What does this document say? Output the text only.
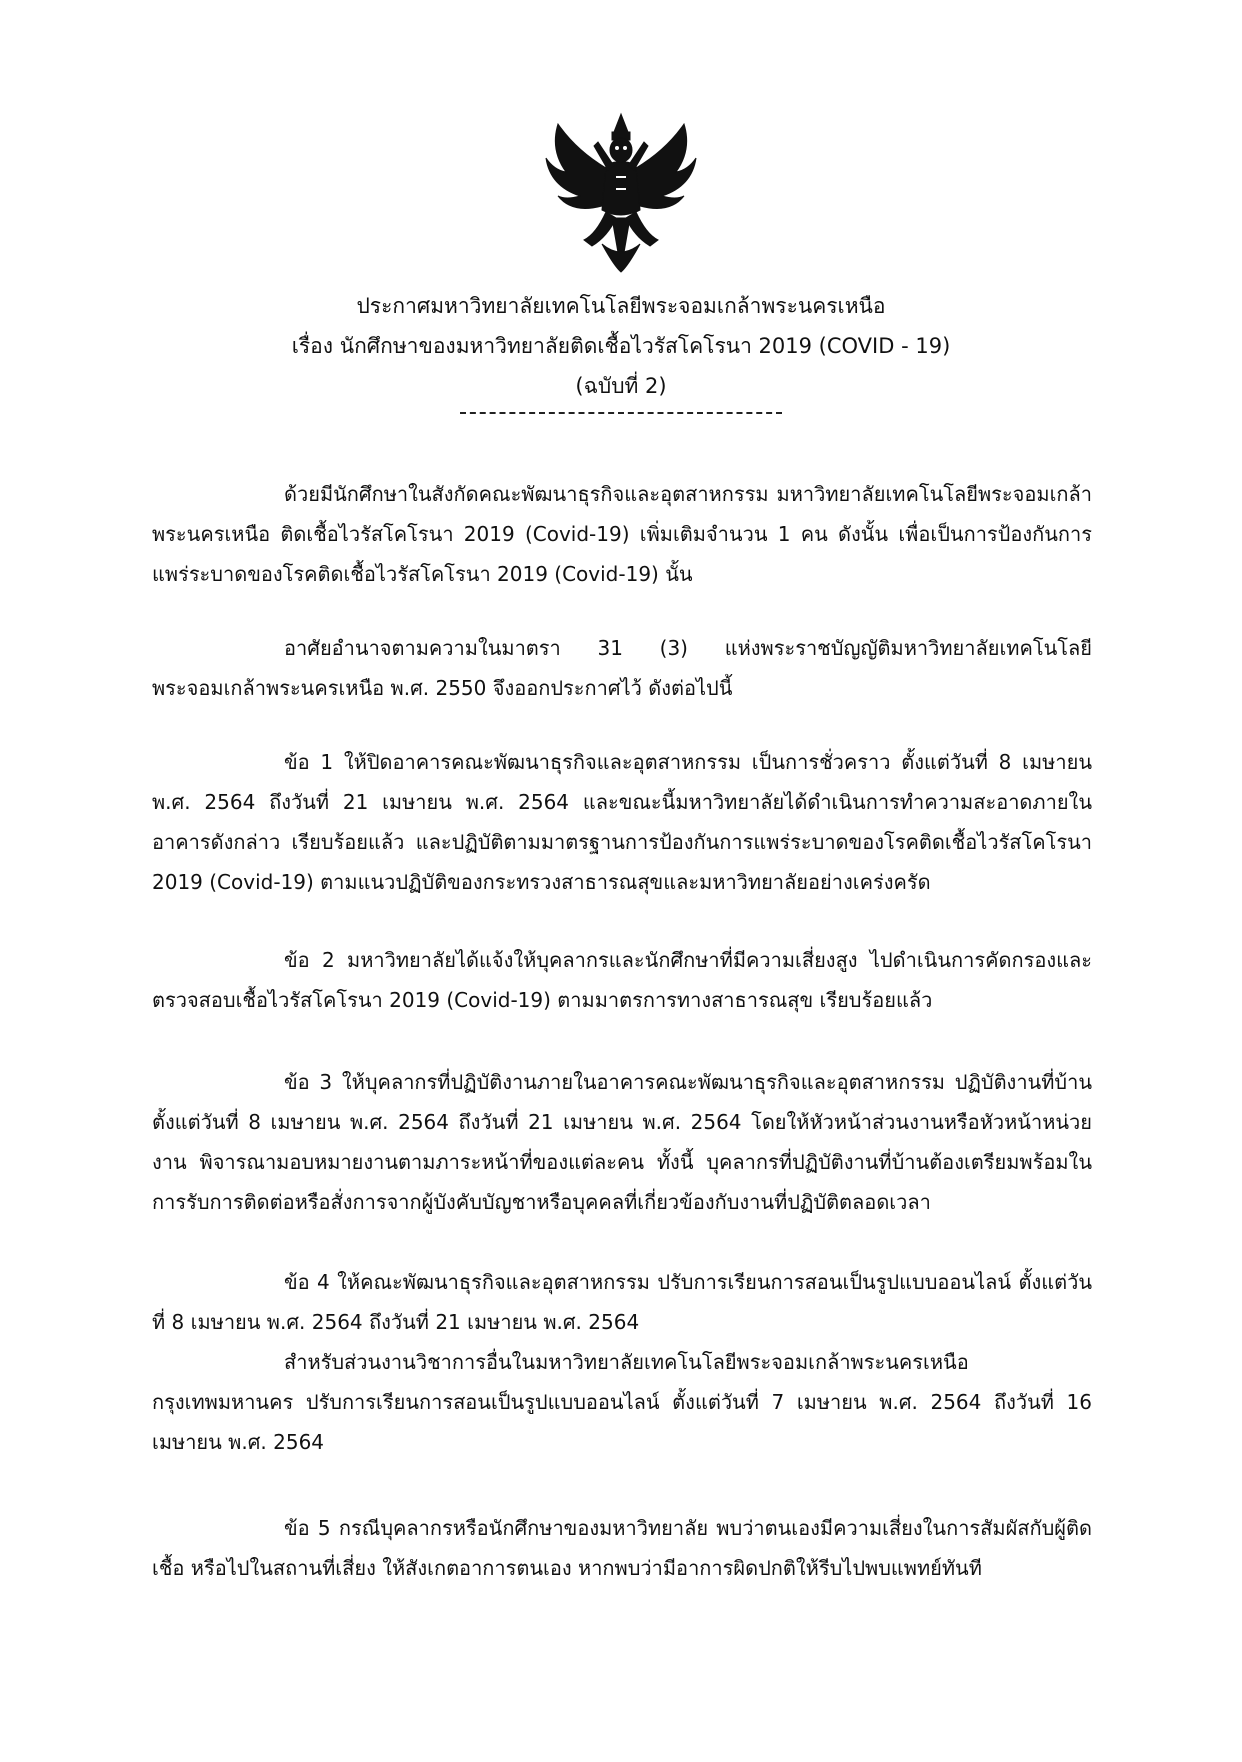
ประกาศมหาวิทยาลัยเทคโนโลยีพระจอมเกล้าพระนครเหนือ
เรื่อง นักศึกษาของมหาวิทยาลัยติดเชื้อไวรัสโคโรนา 2019 (COVID - 19)
(ฉบับที่ 2)

ด้วยมีนักศึกษาในสังกัดคณะพัฒนาธุรกิจและอุตสาหกรรม มหาวิทยาลัยเทคโนโลยีพระจอมเกล้าพระนครเหนือ ติดเชื้อไวรัสโคโรนา 2019 (Covid-19) เพิ่มเติมจำนวน 1 คน ดังนั้น เพื่อเป็นการป้องกันการแพร่ระบาดของโรคติดเชื้อไวรัสโคโรนา 2019 (Covid-19) นั้น

อาศัยอำนาจตามความในมาตรา 31 (3) แห่งพระราชบัญญัติมหาวิทยาลัยเทคโนโลยีพระจอมเกล้าพระนครเหนือ พ.ศ. 2550 จึงออกประกาศไว้ ดังต่อไปนี้

ข้อ 1 ให้ปิดอาคารคณะพัฒนาธุรกิจและอุตสาหกรรม เป็นการชั่วคราว ตั้งแต่วันที่ 8 เมษายน พ.ศ. 2564 ถึงวันที่ 21 เมษายน พ.ศ. 2564 และขณะนี้มหาวิทยาลัยได้ดำเนินการทำความสะอาดภายในอาคารดังกล่าว เรียบร้อยแล้ว และปฏิบัติตามมาตรฐานการป้องกันการแพร่ระบาดของโรคติดเชื้อไวรัสโคโรนา 2019 (Covid-19) ตามแนวปฏิบัติของกระทรวงสาธารณสุขและมหาวิทยาลัยอย่างเคร่งครัด

ข้อ 2 มหาวิทยาลัยได้แจ้งให้บุคลากรและนักศึกษาที่มีความเสี่ยงสูง ไปดำเนินการคัดกรองและตรวจสอบเชื้อไวรัสโคโรนา 2019 (Covid-19) ตามมาตรการทางสาธารณสุข เรียบร้อยแล้ว

ข้อ 3 ให้บุคลากรที่ปฏิบัติงานภายในอาคารคณะพัฒนาธุรกิจและอุตสาหกรรม ปฏิบัติงานที่บ้าน ตั้งแต่วันที่ 8 เมษายน พ.ศ. 2564 ถึงวันที่ 21 เมษายน พ.ศ. 2564 โดยให้หัวหน้าส่วนงานหรือหัวหน้าหน่วยงาน พิจารณามอบหมายงานตามภาระหน้าที่ของแต่ละคน ทั้งนี้ บุคลากรที่ปฏิบัติงานที่บ้านต้องเตรียมพร้อมในการรับการติดต่อหรือสั่งการจากผู้บังคับบัญชาหรือบุคคลที่เกี่ยวข้องกับงานที่ปฏิบัติตลอดเวลา

ข้อ 4 ให้คณะพัฒนาธุรกิจและอุตสาหกรรม ปรับการเรียนการสอนเป็นรูปแบบออนไลน์ ตั้งแต่วันที่ 8 เมษายน พ.ศ. 2564 ถึงวันที่ 21 เมษายน พ.ศ. 2564

สำหรับส่วนงานวิชาการอื่นในมหาวิทยาลัยเทคโนโลยีพระจอมเกล้าพระนครเหนือ กรุงเทพมหานคร ปรับการเรียนการสอนเป็นรูปแบบออนไลน์ ตั้งแต่วันที่ 7 เมษายน พ.ศ. 2564 ถึงวันที่ 16 เมษายน พ.ศ. 2564

ข้อ 5 กรณีบุคลากรหรือนักศึกษาของมหาวิทยาลัย พบว่าตนเองมีความเสี่ยงในการสัมผัสกับผู้ติดเชื้อ หรือไปในสถานที่เสี่ยง ให้สังเกตอาการตนเอง หากพบว่ามีอาการผิดปกติให้รีบไปพบแพทย์ทันที
